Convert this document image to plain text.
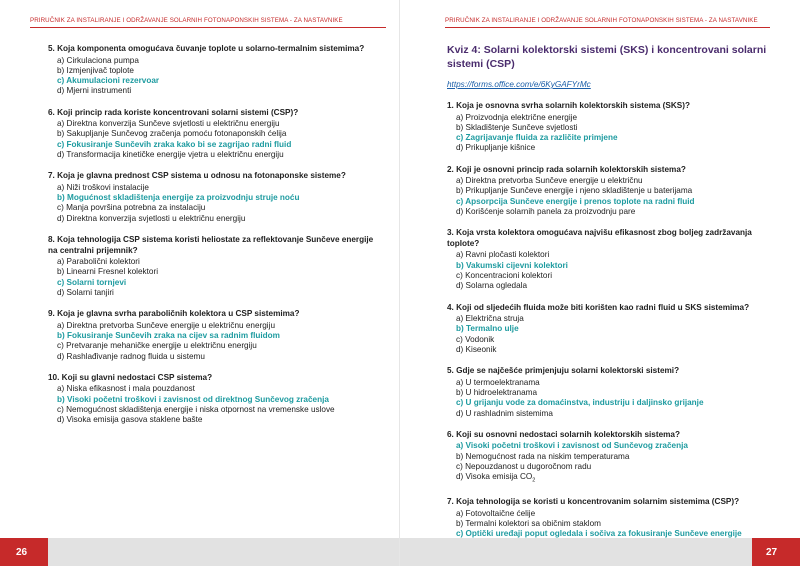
PRIRUČNIK ZA INSTALIRANJE I ODRŽAVANJE SOLARNIH FOTONAPONSKIH SISTEMA - ZA NASTAVNIKE
5. Koja komponenta omogućava čuvanje toplote u solarno-termalnim sistemima?
a) Cirkulaciona pumpa
b) Izmjenjivač toplote
c) Akumulacioni rezervoar
d) Mjerni instrumenti
6. Koji princip rada koriste koncentrovani solarni sistemi (CSP)?
a) Direktna konverzija Sunčeve svjetlosti u električnu energiju
b) Sakupljanje Sunčevog zračenja pomoću fotonaponskih ćelija
c) Fokusiranje Sunčevih zraka kako bi se zagrijao radni fluid
d) Transformacija kinetičke energije vjetra u električnu energiju
7. Koja je glavna prednost CSP sistema u odnosu na fotonaponske sisteme?
a) Niži troškovi instalacije
b) Mogućnost skladištenja energije za proizvodnju struje noću
c) Manja površina potrebna za instalaciju
d) Direktna konverzija svjetlosti u električnu energiju
8. Koja tehnologija CSP sistema koristi heliostate za reflektovanje Sunčeve energije na centralni prijemnik?
a) Parabolični kolektori
b) Linearni Fresnel kolektori
c) Solarni tornjevi
d) Solarni tanjiri
9. Koja je glavna svrha paraboličnih kolektora u CSP sistemima?
a) Direktna pretvorba Sunčeve energije u električnu energiju
b) Fokusiranje Sunčevih zraka na cijev sa radnim fluidom
c) Pretvaranje mehaničke energije u električnu energiju
d) Rashlađivanje radnog fluida u sistemu
10. Koji su glavni nedostaci CSP sistema?
a) Niska efikasnost i mala pouzdanost
b) Visoki početni troškovi i zavisnost od direktnog Sunčevog zračenja
c) Nemogućnost skladištenja energije i niska otpornost na vremenske uslove
d) Visoka emisija gasova staklene bašte
26
PRIRUČNIK ZA INSTALIRANJE I ODRŽAVANJE SOLARNIH FOTONAPONSKIH SISTEMA - ZA NASTAVNIKE
Kviz 4: Solarni kolektorski sistemi (SKS) i koncentrovani solarni sistemi (CSP)
https://forms.office.com/e/6KyGAFYrMc
1. Koja je osnovna svrha solarnih kolektorskih sistema (SKS)?
a) Proizvodnja električne energije
b) Skladištenje Sunčeve svjetlosti
c) Zagrijavanje fluida za različite primjene
d) Prikupljanje kišnice
2. Koji je osnovni princip rada solarnih kolektorskih sistema?
a) Direktna pretvorba Sunčeve energije u električnu
b) Prikupljanje Sunčeve energije i njeno skladištenje u baterijama
c) Apsorpcija Sunčeve energije i prenos toplote na radni fluid
d) Korišćenje solarnih panela za proizvodnju pare
3. Koja vrsta kolektora omogućava najvišu efikasnost zbog boljeg zadržavanja toplote?
a) Ravni pločasti kolektori
b) Vakumski cijevni kolektori
c) Koncentracioni kolektori
d) Solarna ogledala
4. Koji od sljedećih fluida može biti korišten kao radni fluid u SKS sistemima?
a) Električna struja
b) Termalno ulje
c) Vodonik
d) Kiseonik
5. Gdje se najčešće primjenjuju solarni kolektorski sistemi?
a) U termoelektranama
b) U hidroelektranama
c) U grijanju vode za domaćinstva, industriju i daljinsko grijanje
d) U rashladnim sistemima
6. Koji su osnovni nedostaci solarnih kolektorskih sistema?
a) Visoki početni troškovi i zavisnost od Sunčevog zračenja
b) Nemogućnost rada na niskim temperaturama
c) Nepouzdanost u dugoročnom radu
d) Visoka emisija $CO_2$
7. Koja tehnologija se koristi u koncentrovanim solarnim sistemima (CSP)?
a) Fotovoltaične ćelije
b) Termalni kolektori sa običnim staklom
c) Optički uređaji poput ogledala i sočiva za fokusiranje Sunčeve energije
27
